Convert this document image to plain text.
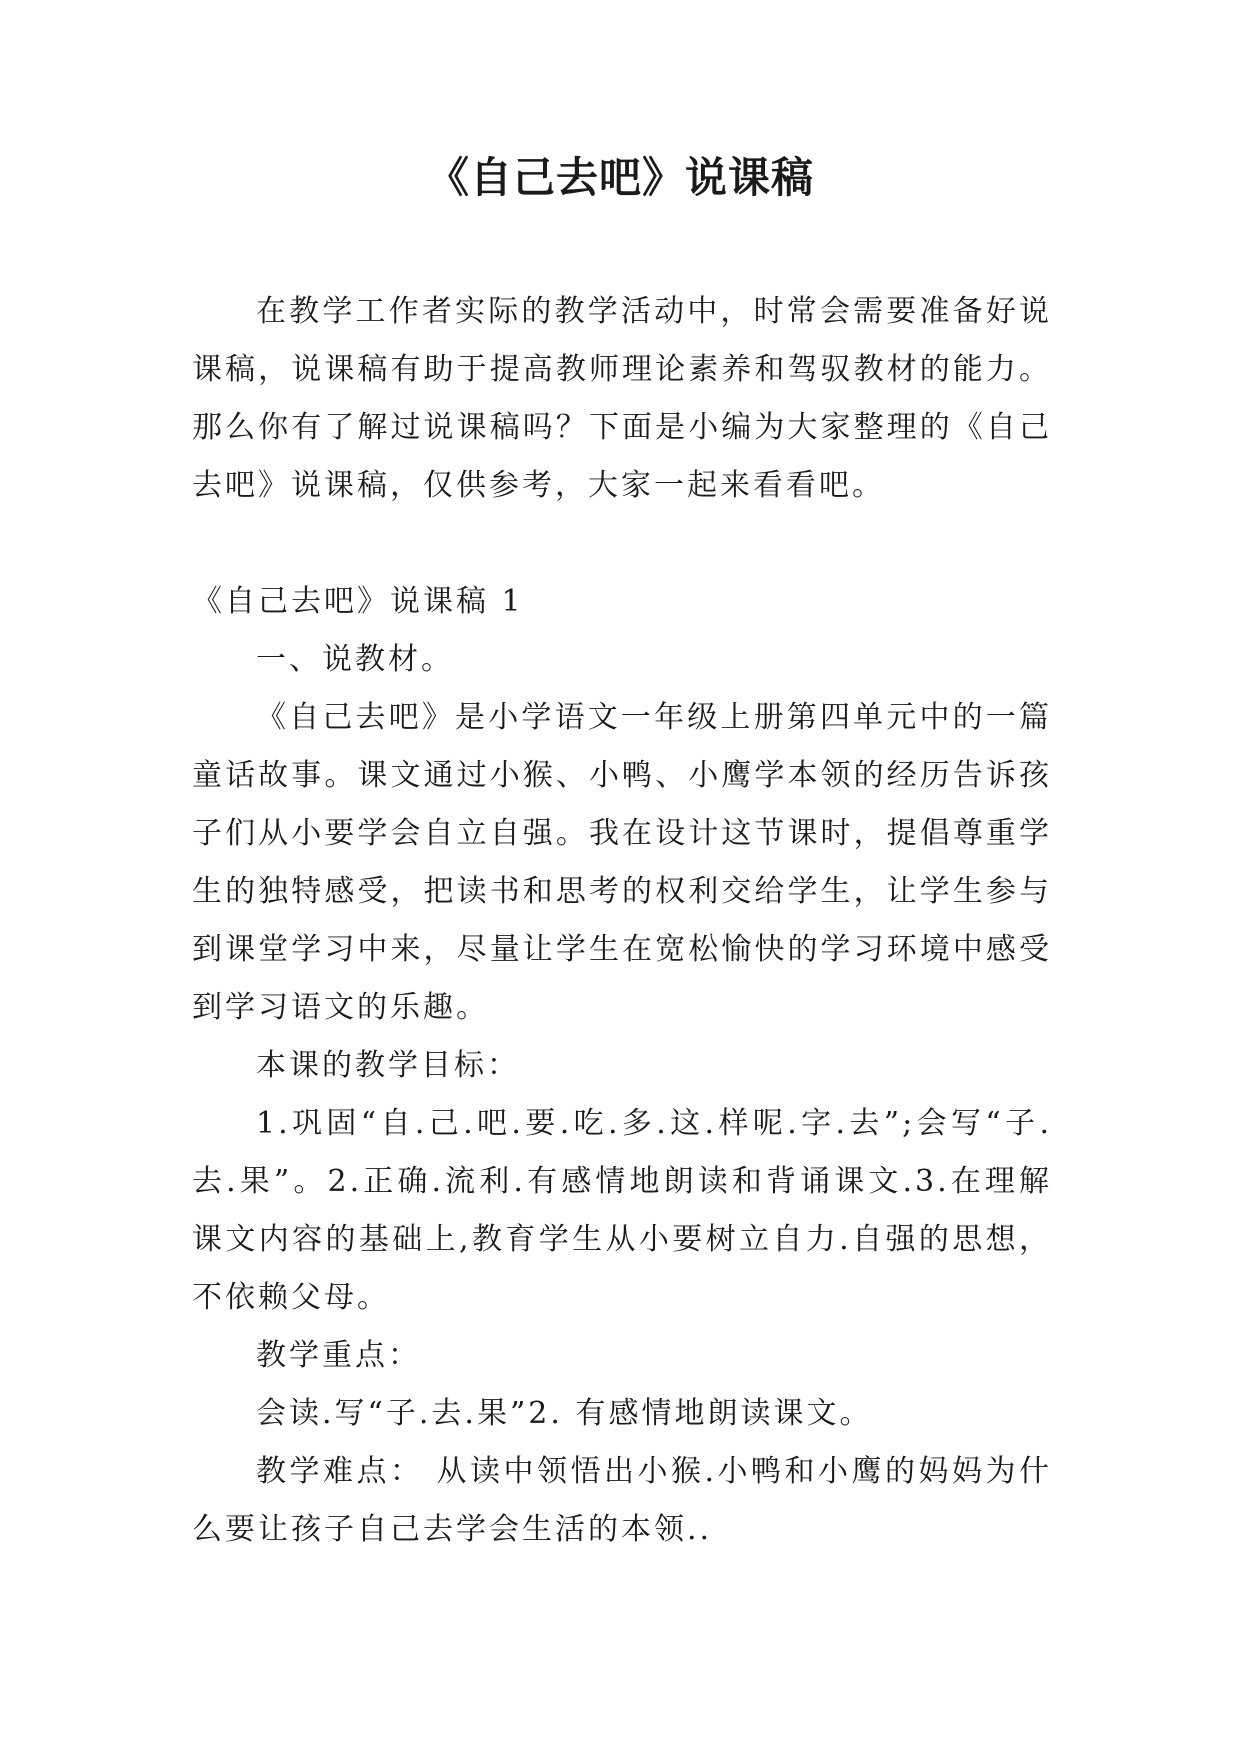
《自己去吧》说课稿

在教学工作者实际的教学活动中，时常会需要准备好说课稿，说课稿有助于提高教师理论素养和驾驭教材的能力。那么你有了解过说课稿吗？下面是小编为大家整理的《自己去吧》说课稿，仅供参考，大家一起来看看吧。

《自己去吧》说课稿 1

一、说教材。

《自己去吧》是小学语文一年级上册第四单元中的一篇童话故事。课文通过小猴、小鸭、小鹰学本领的经历告诉孩子们从小要学会自立自强。我在设计这节课时，提倡尊重学生的独特感受，把读书和思考的权利交给学生，让学生参与到课堂学习中来，尽量让学生在宽松愉快的学习环境中感受到学习语文的乐趣。

本课的教学目标：

1.巩固“自.己.吧.要.吃.多.这.样呢.字.去”;会写“子.去.果”。2.正确.流利.有感情地朗读和背诵课文.3.在理解课文内容的基础上,教育学生从小要树立自力.自强的思想，不依赖父母。

教学重点：

会读.写“子.去.果”2. 有感情地朗读课文。

教学难点： 从读中领悟出小猴.小鸭和小鹰的妈妈为什么要让孩子自己去学会生活的本领..
